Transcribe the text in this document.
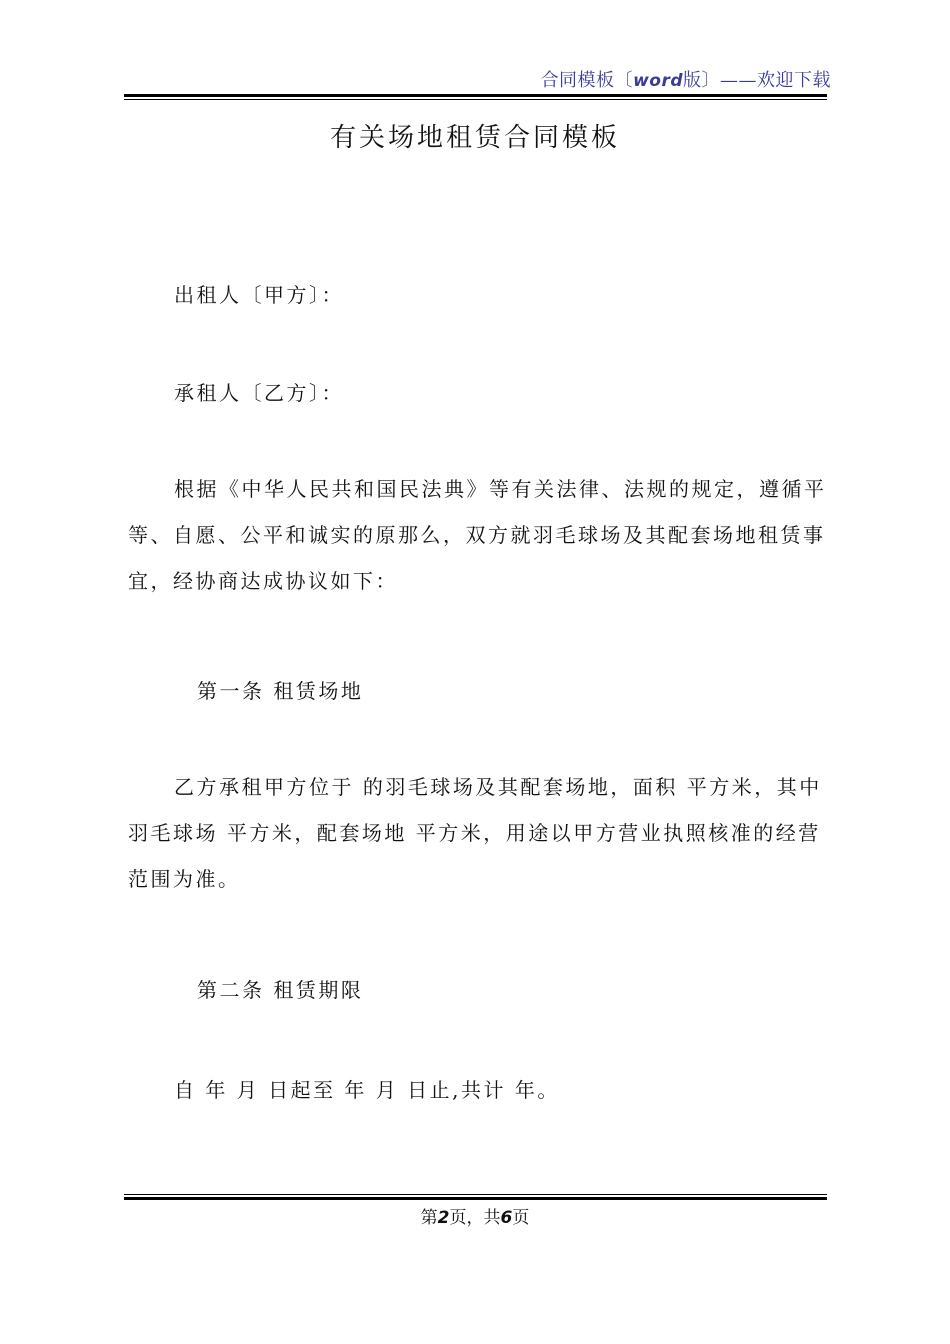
合同模板〔word版〕——欢迎下载
有关场地租赁合同模板
出租人〔甲方〕：
承租人〔乙方〕：
根据《中华人民共和国民法典》等有关法律、法规的规定，遵循平等、自愿、公平和诚实的原那么，双方就羽毛球场及其配套场地租赁事宜，经协商达成协议如下：
第一条 租赁场地
乙方承租甲方位于 的羽毛球场及其配套场地，面积 平方米，其中羽毛球场 平方米，配套场地 平方米，用途以甲方营业执照核准的经营范围为准。
第二条 租赁期限
自 年 月 日起至 年 月 日止,共计 年。
第2页，共6页
